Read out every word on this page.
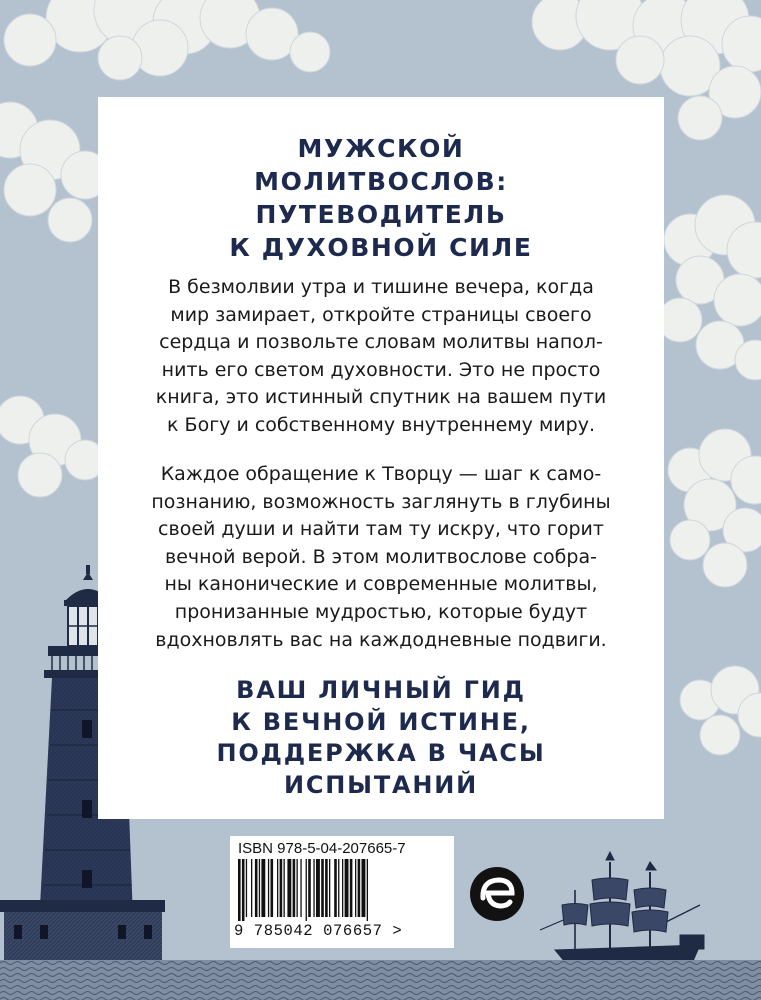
МУЖСКОЙ
МОЛИТВОСЛОВ:
ПУТЕВОДИТЕЛЬ
К ДУХОВНОЙ СИЛЕ
В безмолвии утра и тишине вечера, когда
мир замирает, откройте страницы своего
сердца и позвольте словам молитвы напол-
нить его светом духовности. Это не просто
книга, это истинный спутник на вашем пути
к Богу и собственному внутреннему миру.
Каждое обращение к Творцу — шаг к само-
познанию, возможность заглянуть в глубины
своей души и найти там ту искру, что горит
вечной верой. В этом молитвослове собра-
ны канонические и современные молитвы,
пронизанные мудростью, которые будут
вдохновлять вас на каждодневные подвиги.
ВАШ ЛИЧНЫЙ ГИД
К ВЕЧНОЙ ИСТИНЕ,
ПОДДЕРЖКА В ЧАСЫ
ИСПЫТАНИЙ
ISBN 978-5-04-207665-7
9 785042 076657 >
